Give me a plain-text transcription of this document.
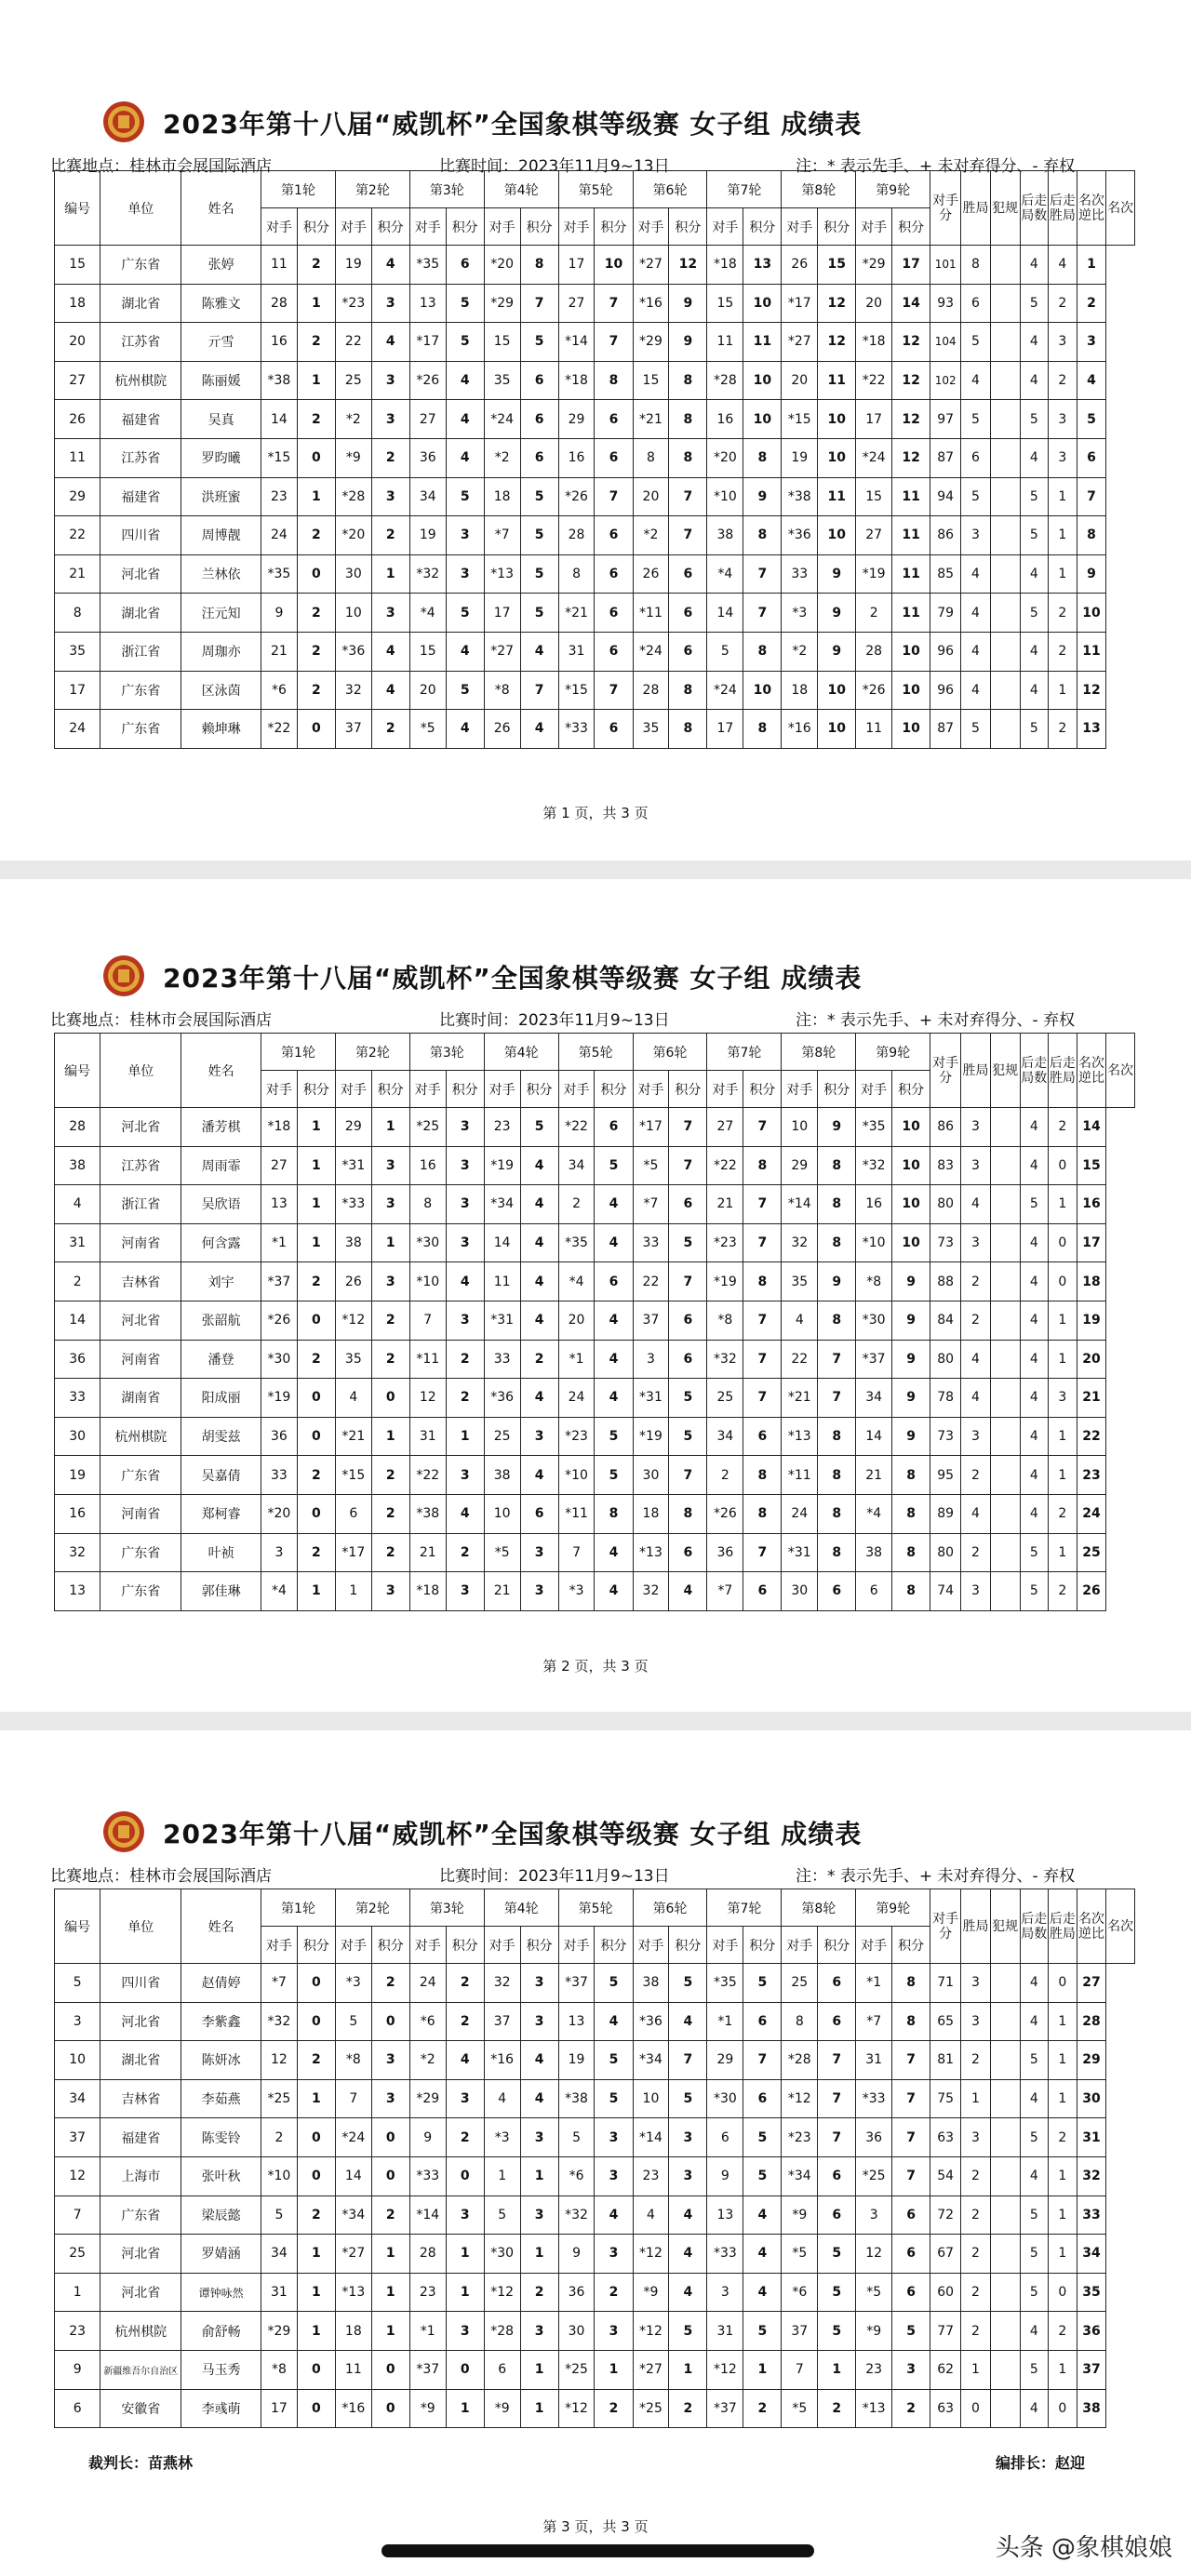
2023年第十八届“威凯杯”全国象棋等级赛 女子组 成绩表
比赛地点：桂林市会展国际酒店	比赛时间：2023年11月9~13日	注：* 表示先手、+ 未对弃得分、- 弃权
编号	单位	姓名	第1轮		第2轮		第3轮		第4轮		第5轮		第6轮		第7轮		第8轮		第9轮		对手分	胜局	犯规	后走局数	后走胜局	名次逆比	名次
			对手	积分	对手	积分	对手	积分	对手	积分	对手	积分	对手	积分	对手	积分	对手	积分	对手	积分							
15	广东省	张婷	11	2	19	4	*35	6	*20	8	17	10	*27	12	*18	13	26	15	*29	17	101	8		4	4	1	
18	湖北省	陈雅文	28	1	*23	3	13	5	*29	7	27	7	*16	9	15	10	*17	12	20	14	93	6		5	2	2	
20	江苏省	亓雪	16	2	22	4	*17	5	15	5	*14	7	*29	9	11	11	*27	12	*18	12	104	5		4	3	3	
27	杭州棋院	陈丽媛	*38	1	25	3	*26	4	35	6	*18	8	15	8	*28	10	20	11	*22	12	102	4		4	2	4	
26	福建省	吴真	14	2	*2	3	27	4	*24	6	29	6	*21	8	16	10	*15	10	17	12	97	5		5	3	5	
11	江苏省	罗昀曦	*15	0	*9	2	36	4	*2	6	16	6	8	8	*20	8	19	10	*24	12	87	6		4	3	6	
29	福建省	洪班蜜	23	1	*28	3	34	5	18	5	*26	7	20	7	*10	9	*38	11	15	11	94	5		5	1	7	
22	四川省	周博靓	24	2	*20	2	19	3	*7	5	28	6	*2	7	38	8	*36	10	27	11	86	3		5	1	8	
21	河北省	兰林依	*35	0	30	1	*32	3	*13	5	8	6	26	6	*4	7	33	9	*19	11	85	4		4	1	9	
8	湖北省	汪元知	9	2	10	3	*4	5	17	5	*21	6	*11	6	14	7	*3	9	2	11	79	4		5	2	10	
35	浙江省	周珈亦	21	2	*36	4	15	4	*27	4	31	6	*24	6	5	8	*2	9	28	10	96	4		4	2	11	
17	广东省	区泳茵	*6	2	32	4	20	5	*8	7	*15	7	28	8	*24	10	18	10	*26	10	96	4		4	1	12	
24	广东省	赖坤琳	*22	0	37	2	*5	4	26	4	*33	6	35	8	17	8	*16	10	11	10	87	5		5	2	13	
第 1 页，共 3 页
2023年第十八届“威凯杯”全国象棋等级赛 女子组 成绩表
比赛地点：桂林市会展国际酒店	比赛时间：2023年11月9~13日	注：* 表示先手、+ 未对弃得分、- 弃权
编号	单位	姓名	第1轮		第2轮		第3轮		第4轮		第5轮		第6轮		第7轮		第8轮		第9轮		对手分	胜局	犯规	后走局数	后走胜局	名次逆比	名次
			对手	积分	对手	积分	对手	积分	对手	积分	对手	积分	对手	积分	对手	积分	对手	积分	对手	积分							
28	河北省	潘芳棋	*18	1	29	1	*25	3	23	5	*22	6	*17	7	27	7	10	9	*35	10	86	3		4	2	14	
38	江苏省	周雨霏	27	1	*31	3	16	3	*19	4	34	5	*5	7	*22	8	29	8	*32	10	83	3		4	0	15	
4	浙江省	吴欣语	13	1	*33	3	8	3	*34	4	2	4	*7	6	21	7	*14	8	16	10	80	4		5	1	16	
31	河南省	何含露	*1	1	38	1	*30	3	14	4	*35	4	33	5	*23	7	32	8	*10	10	73	3		4	0	17	
2	吉林省	刘宇	*37	2	26	3	*10	4	11	4	*4	6	22	7	*19	8	35	9	*8	9	88	2		4	0	18	
14	河北省	张韶航	*26	0	*12	2	7	3	*31	4	20	4	37	6	*8	7	4	8	*30	9	84	2		4	1	19	
36	河南省	潘登	*30	2	35	2	*11	2	33	2	*1	4	3	6	*32	7	22	7	*37	9	80	4		4	1	20	
33	湖南省	阳成丽	*19	0	4	0	12	2	*36	4	24	4	*31	5	25	7	*21	7	34	9	78	4		4	3	21	
30	杭州棋院	胡雯兹	36	0	*21	1	31	1	25	3	*23	5	*19	5	34	6	*13	8	14	9	73	3		4	1	22	
19	广东省	吴嘉倩	33	2	*15	2	*22	3	38	4	*10	5	30	7	2	8	*11	8	21	8	95	2		4	1	23	
16	河南省	郑柯睿	*20	0	6	2	*38	4	10	6	*11	8	18	8	*26	8	24	8	*4	8	89	4		4	2	24	
32	广东省	叶祯	3	2	*17	2	21	2	*5	3	7	4	*13	6	36	7	*31	8	38	8	80	2		5	1	25	
13	广东省	郭佳琳	*4	1	1	3	*18	3	21	3	*3	4	32	4	*7	6	30	6	6	8	74	3		5	2	26	
第 2 页，共 3 页
2023年第十八届“威凯杯”全国象棋等级赛 女子组 成绩表
比赛地点：桂林市会展国际酒店	比赛时间：2023年11月9~13日	注：* 表示先手、+ 未对弃得分、- 弃权
编号	单位	姓名	第1轮		第2轮		第3轮		第4轮		第5轮		第6轮		第7轮		第8轮		第9轮		对手分	胜局	犯规	后走局数	后走胜局	名次逆比	名次
			对手	积分	对手	积分	对手	积分	对手	积分	对手	积分	对手	积分	对手	积分	对手	积分	对手	积分							
5	四川省	赵倩婷	*7	0	*3	2	24	2	32	3	*37	5	38	5	*35	5	25	6	*1	8	71	3		4	0	27	
3	河北省	李紫鑫	*32	0	5	0	*6	2	37	3	13	4	*36	4	*1	6	8	6	*7	8	65	3		4	1	28	
10	湖北省	陈妍冰	12	2	*8	3	*2	4	*16	4	19	5	*34	7	29	7	*28	7	31	7	81	2		5	1	29	
34	吉林省	李茹燕	*25	1	7	3	*29	3	4	4	*38	5	10	5	*30	6	*12	7	*33	7	75	1		4	1	30	
37	福建省	陈雯铃	2	0	*24	0	9	2	*3	3	5	3	*14	3	6	5	*23	7	36	7	63	3		5	2	31	
12	上海市	张叶秋	*10	0	14	0	*33	0	1	1	*6	3	23	3	9	5	*34	6	*25	7	54	2		4	1	32	
7	广东省	梁辰懿	5	2	*34	2	*14	3	5	3	*32	4	4	4	13	4	*9	6	3	6	72	2		5	1	33	
25	河北省	罗婧涵	34	1	*27	1	28	1	*30	1	9	3	*12	4	*33	4	*5	5	12	6	67	2		5	1	34	
1	河北省	谭钟咏然	31	1	*13	1	23	1	*12	2	36	2	*9	4	3	4	*6	5	*5	6	60	2		5	0	35	
23	杭州棋院	俞舒畅	*29	1	18	1	*1	3	*28	3	30	3	*12	5	31	5	37	5	*9	5	77	2		4	2	36	
9	新疆维吾尔自治区	马玉秀	*8	0	11	0	*37	0	6	1	*25	1	*27	1	*12	1	7	1	23	3	62	1		5	1	37	
6	安徽省	李彧萌	17	0	*16	0	*9	1	*9	1	*12	2	*25	2	*37	2	*5	2	*13	2	63	0		4	0	38	
裁判长：苗燕林	编排长：赵迎
第 3 页，共 3 页
头条 @象棋娘娘
